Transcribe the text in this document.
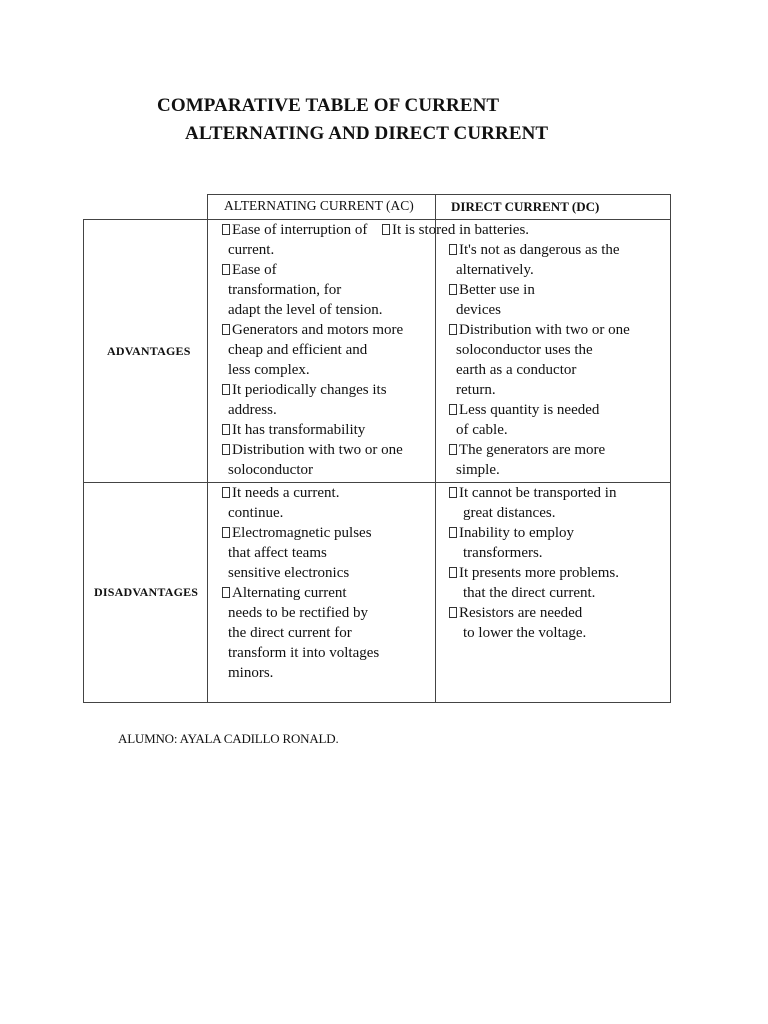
COMPARATIVE TABLE OF CURRENT
ALTERNATING AND DIRECT CURRENT
ALTERNATING CURRENT (AC)	DIRECT CURRENT (DC)
ADVANTAGES
DISADVANTAGES
Ease of interruption of
current.
Ease of
transformation, for
adapt the level of tension.
Generators and motors more
cheap and efficient and
less complex.
It periodically changes its
address.
It has transformability
Distribution with two or one
soloconductor
It is stored in batteries.
It's not as dangerous as the
alternatively.
Better use in
devices
Distribution with two or one
soloconductor uses the
earth as a conductor
return.
Less quantity is needed
of cable.
The generators are more
simple.
It needs a current.
continue.
Electromagnetic pulses
that affect teams
sensitive electronics
Alternating current
needs to be rectified by
the direct current for
transform it into voltages
minors.
It cannot be transported in
great distances.
Inability to employ
transformers.
It presents more problems.
that the direct current.
Resistors are needed
to lower the voltage.
ALUMNO: AYALA CADILLO RONALD.
